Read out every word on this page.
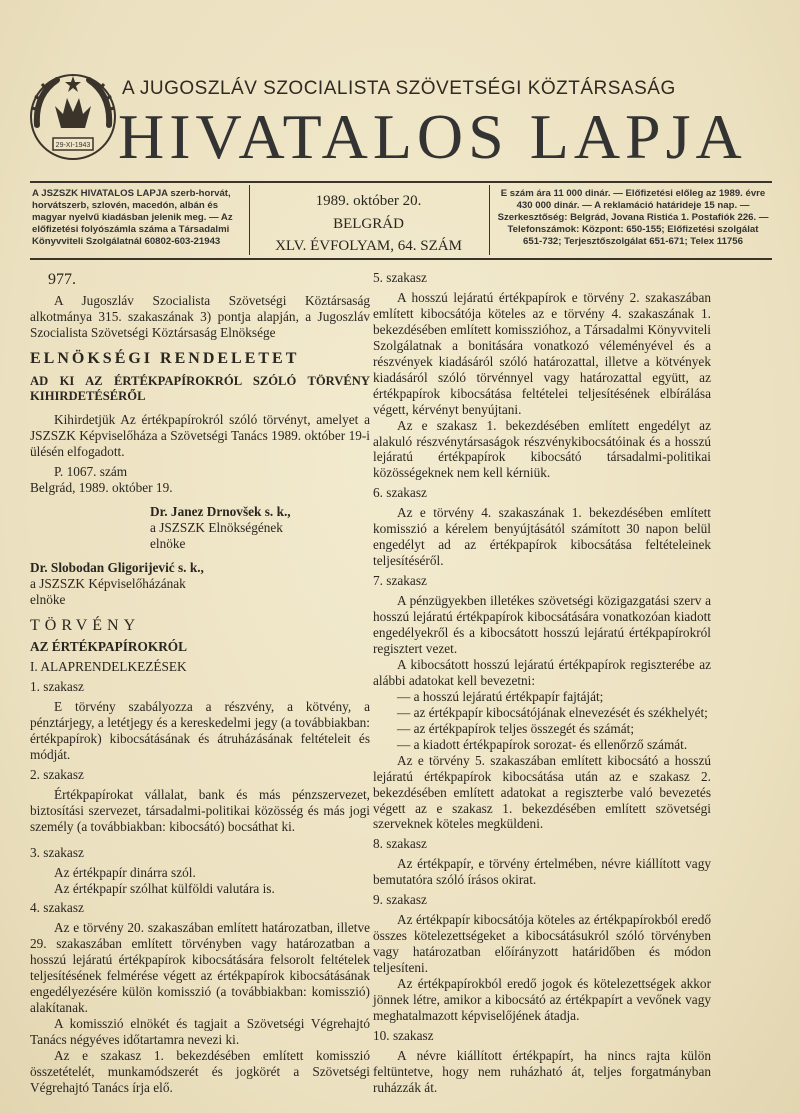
29-XI-1943
A JUGOSZLÁV SZOCIALISTA SZÖVETSÉGI KÖZTÁRSASÁG
HIVATALOS LAPJA
A JSZSZK HIVATALOS LAPJA szerb-horvát, horvátszerb, szlovén, macedón, albán és magyar nyelvű kiadásban jelenik meg. — Az előfizetési folyószámla száma a Társadalmi Könyvviteli Szolgálatnál 60802-603-21943
1989. október 20.
BELGRÁD
XLV. ÉVFOLYAM, 64. SZÁM
E szám ára 11 000 dinár. — Előfizetési előleg az 1989. évre 430 000 dinár. — A reklamáció határideje 15 nap. — Szerkesztőség: Belgrád, Jovana Ristića 1. Postafiók 226. — Telefonszámok: Központ: 650-155; Előfizetési szolgálat 651-732; Terjesztőszolgálat 651-671; Telex 11756

977.

A Jugoszláv Szocialista Szövetségi Köztársaság alkotmánya 315. szakaszának 3) pontja alapján, a Jugoszláv Szocialista Szövetségi Köztársaság Elnöksége

ELNÖKSÉGI RENDELETET

AD KI AZ ÉRTÉKPAPÍROKRÓL SZÓLÓ TÖRVÉNY KIHIRDETÉSÉRŐL

Kihirdetjük Az értékpapírokról szóló törvényt, amelyet a JSZSZK Képviselőháza a Szövetségi Tanács 1989. október 19-i ülésén elfogadott.

P. 1067. szám

Belgrád, 1989. október 19.

Dr. Janez Drnovšek s. k.,

a JSZSZK Elnökségének

elnöke

Dr. Slobodan Gligorijević s. k.,

a JSZSZK Képviselőházának

elnöke

TÖRVÉNY

AZ ÉRTÉKPAPÍROKRÓL

I. ALAPRENDELKEZÉSEK

1. szakasz

E törvény szabályozza a részvény, a kötvény, a pénztárjegy, a letétjegy és a kereskedelmi jegy (a továbbiakban: értékpapírok) kibocsátásának és átruházásának feltételeit és módját.

2. szakasz

Értékpapírokat vállalat, bank és más pénzszervezet, biztosítási szervezet, társadalmi-politikai közösség és más jogi személy (a továbbiakban: kibocsátó) bocsáthat ki.

3. szakasz

Az értékpapír dinárra szól.

Az értékpapír szólhat külföldi valutára is.

4. szakasz

Az e törvény 20. szakaszában említett határozatban, illetve 29. szakaszában említett törvényben vagy határozatban a hosszú lejáratú értékpapírok kibocsátására felsorolt feltételek teljesítésének felmérése végett az értékpapírok kibocsátásának engedélyezésére külön komisszió (a továbbiakban: komisszió) alakítanak.

A komisszió elnökét és tagjait a Szövetségi Végrehajtó Tanács négyéves időtartamra nevezi ki.

Az e szakasz 1. bekezdésében említett komisszió összetételét, munkamódszerét és jogkörét a Szövetségi Végrehajtó Tanács írja elő.

5. szakasz

A hosszú lejáratú értékpapírok e törvény 2. szakaszában említett kibocsátója köteles az e törvény 4. szakaszának 1. bekezdésében említett komisszióhoz, a Társadalmi Könyvviteli Szolgálatnak a bonitására vonatkozó véleményével és a részvények kiadásáról szóló határozattal, illetve a kötvények kiadásáról szóló törvénnyel vagy határozattal együtt, az értékpapírok kibocsátása feltételei teljesítésének elbírálása végett, kérvényt benyújtani.

Az e szakasz 1. bekezdésében említett engedélyt az alakuló részvénytársaságok részvénykibocsátóinak és a hosszú lejáratú értékpapírok kibocsátó társadalmi-politikai közösségeknek nem kell kérniük.

6. szakasz

Az e törvény 4. szakaszának 1. bekezdésében említett komisszió a kérelem benyújtásától számított 30 napon belül engedélyt ad az értékpapírok kibocsátása feltételeinek teljesítéséről.

7. szakasz

A pénzügyekben illetékes szövetségi közigazgatási szerv a hosszú lejáratú értékpapírok kibocsátására vonatkozóan kiadott engedélyekről és a kibocsátott hosszú lejáratú értékpapírokról regisztert vezet.

A kibocsátott hosszú lejáratú értékpapírok regiszterébe az alábbi adatokat kell bevezetni:

— a hosszú lejáratú értékpapír fajtáját;

— az értékpapír kibocsátójának elnevezését és székhelyét;

— az értékpapírok teljes összegét és számát;

— a kiadott értékpapírok sorozat- és ellenőrző számát.

Az e törvény 5. szakaszában említett kibocsátó a hosszú lejáratú értékpapírok kibocsátása után az e szakasz 2. bekezdésében említett adatokat a regiszterbe való bevezetés végett az e szakasz 1. bekezdésében említett szövetségi szerveknek köteles megküldeni.

8. szakasz

Az értékpapír, e törvény értelmében, névre kiállított vagy bemutatóra szóló írásos okirat.

9. szakasz

Az értékpapír kibocsátója köteles az értékpapírokból eredő összes kötelezettségeket a kibocsátásukról szóló törvényben vagy határozatban előírányzott határidőben és módon teljesíteni.

Az értékpapírokból eredő jogok és kötelezettségek akkor jönnek létre, amikor a kibocsátó az értékpapírt a vevőnek vagy meghatalmazott képviselőjének átadja.

10. szakasz

A névre kiállított értékpapírt, ha nincs rajta külön feltüntetve, hogy nem ruházható át, teljes forgatmányban ruházzák át.
